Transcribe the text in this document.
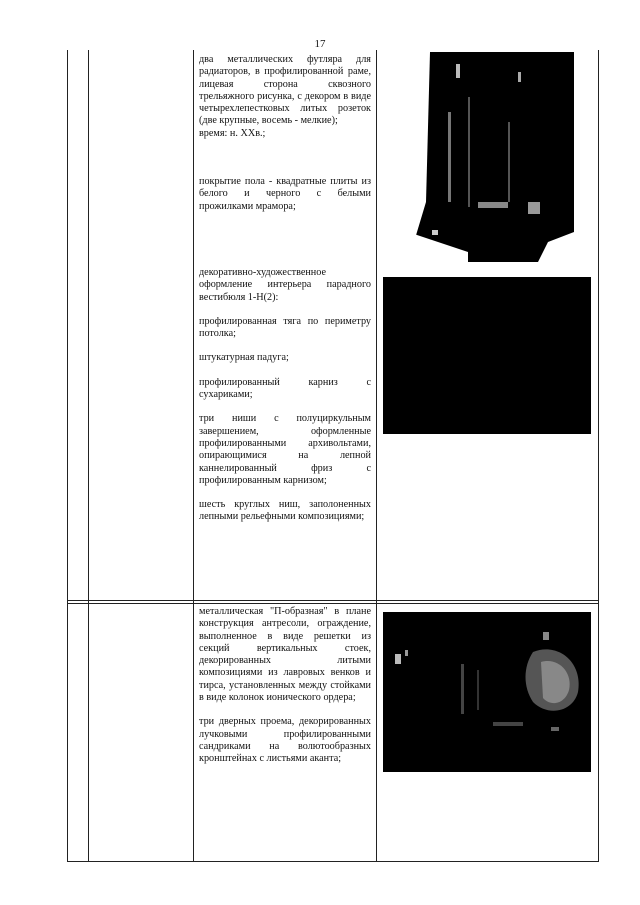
17

два металлических футляра для радиаторов, в профилированной раме, лицевая сторона сквозного трельяжного рисунка, с декором в виде четырехлепестковых литых розеток (две крупные, восемь - мелкие);

время: н. XXв.;

покрытие пола - квадратные плиты из белого и черного с белыми прожилками мрамора;

декоративно-художественное оформление интерьера парадного вестибюля 1-Н(2):

профилированная тяга по периметру потолка;

штукатурная падуга;

профилированный карниз с сухариками;

три ниши с полуциркульным завершением, оформленные профилированными архивольтами, опирающимися на лепной каннелированный фриз с профилированным карнизом;

шесть круглых ниш, заполоненных лепными рельефными композициями;

металлическая "П-образная" в плане конструкция антресоли, ограждение, выполненное в виде решетки из секций вертикальных стоек, декорированных литыми композициями из лавровых венков и тирса, установленных между стойками в виде колонок ионического ордера;

три дверных проема, декорированных лучковыми профилированными сандриками на волютообразных кронштейнах с листьями аканта;
